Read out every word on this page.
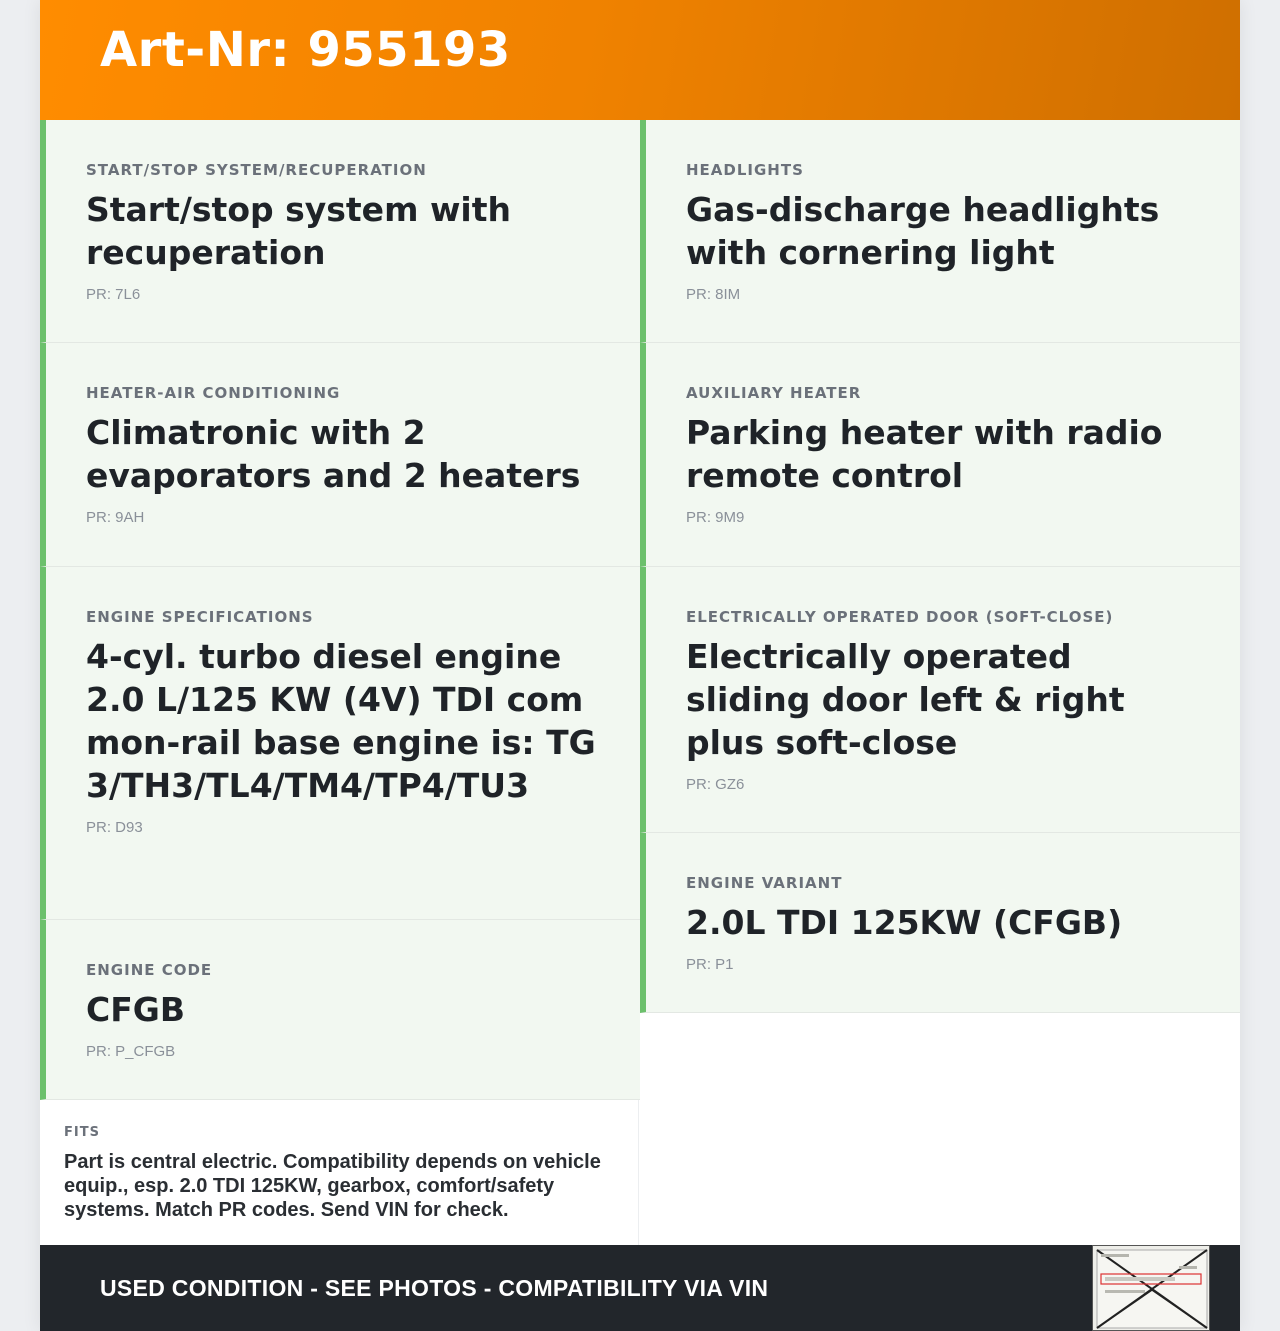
Art-Nr: 955193

START/STOP SYSTEM/RECUPERATION

Start/stop system with recuperation

PR: 7L6

HEATER-AIR CONDITIONING

Climatronic with 2 evaporators and 2 heaters

PR: 9AH

ENGINE SPECIFICATIONS

4-cyl. turbo diesel engine 2.0 L/125 KW (4V) TDI common-rail base engine is: TG3/TH3/TL4/TM4/TP4/TU3

PR: D93

ENGINE CODE

CFGB

PR: P_CFGB

HEADLIGHTS

Gas-discharge headlights with cornering light

PR: 8IM

AUXILIARY HEATER

Parking heater with radio remote control

PR: 9M9

ELECTRICALLY OPERATED DOOR (SOFT-CLOSE)

Electrically operated sliding door left & right plus soft-close

PR: GZ6

ENGINE VARIANT

2.0L TDI 125KW (CFGB)

PR: P1

FITS

Part is central electric. Compatibility depends on vehicle equip., esp. 2.0 TDI 125KW, gearbox, comfort/safety systems. Match PR codes. Send VIN for check.

USED CONDITION - SEE PHOTOS - COMPATIBILITY VIA VIN
